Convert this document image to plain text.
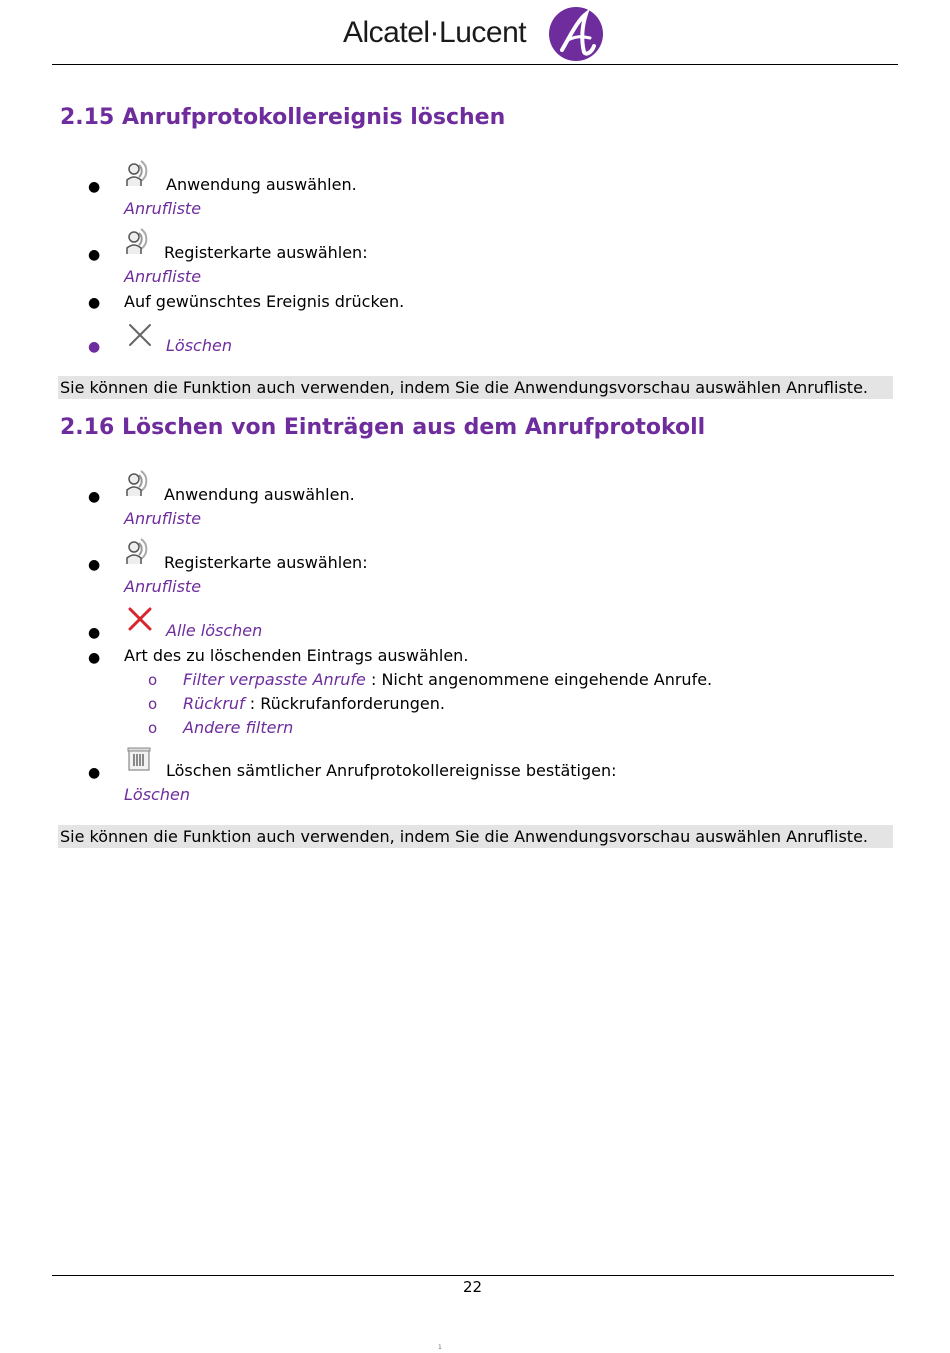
Alcatel·Lucent
2.15 Anrufprotokollereignis löschen
●	Anwendung auswählen.
Anrufliste
●	Registerkarte auswählen:
Anrufliste
● Auf gewünschtes Ereignis drücken.
●	Löschen
Sie können die Funktion auch verwenden, indem Sie die Anwendungsvorschau auswählen Anrufliste.
2.16 Löschen von Einträgen aus dem Anrufprotokoll
●	Anwendung auswählen.
Anrufliste
●	Registerkarte auswählen:
Anrufliste
●	Alle löschen
● Art des zu löschenden Eintrags auswählen.
o Filter verpasste Anrufe : Nicht angenommene eingehende Anrufe.
o Rückruf : Rückrufanforderungen.
o Andere filtern
●	Löschen sämtlicher Anrufprotokollereignisse bestätigen:
Löschen
Sie können die Funktion auch verwenden, indem Sie die Anwendungsvorschau auswählen Anrufliste.
22
1
